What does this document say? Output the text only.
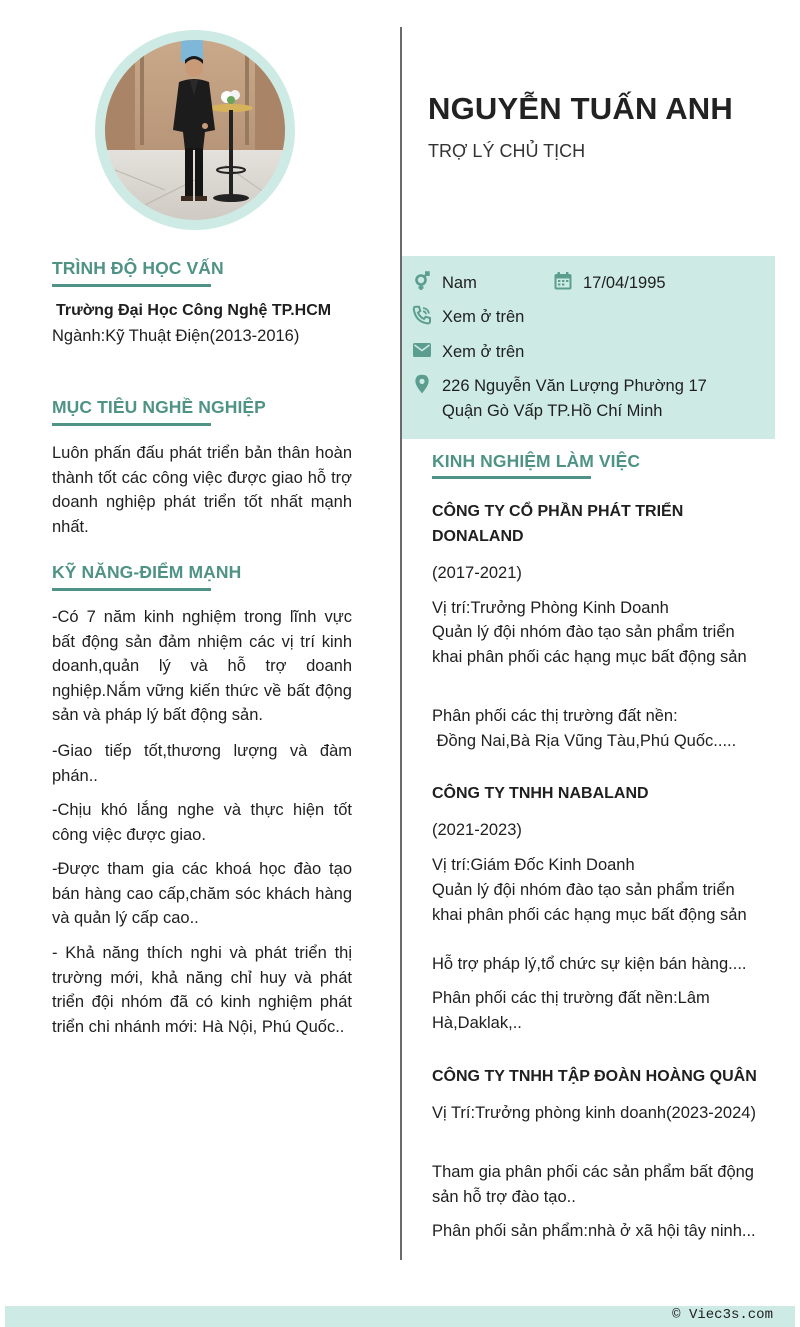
TRÌNH ĐỘ HỌC VẤN
Trường Đại Học Công Nghệ TP.HCM
Ngành:Kỹ Thuật Điện(2013-2016)
MỤC TIÊU NGHỀ NGHIỆP
Luôn phấn đấu phát triển bản thân hoàn thành tốt các công việc được giao hỗ trợ doanh nghiệp phát triển tốt nhất mạnh nhất.
KỸ NĂNG-ĐIỂM MẠNH
-Có 7 năm kinh nghiệm trong lĩnh vực bất động sản đảm nhiệm các vị trí kinh doanh,quản lý và hỗ trợ doanh nghiệp.Nắm vững kiến thức về bất động sản và pháp lý bất động sản.
-Giao tiếp tốt,thương lượng và đàm phán..
-Chịu khó lắng nghe và thực hiện tốt công việc được giao.
-Được tham gia các khoá học đào tạo bán hàng cao cấp,chăm sóc khách hàng và quản lý cấp cao..
- Khả năng thích nghi và phát triển thị trường mới, khả năng chỉ huy và phát triển đội nhóm đã có kinh nghiệm phát triển chi nhánh mới: Hà Nội, Phú Quốc..
NGUYỄN TUẤN ANH
TRỢ LÝ CHỦ TỊCH
Nam	17/04/1995
Xem ở trên
Xem ở trên
226 Nguyễn Văn Lượng Phường 17
Quận Gò Vấp TP.Hồ Chí Minh
KINH NGHIỆM LÀM VIỆC
CÔNG TY CỔ PHẦN PHÁT TRIỂN DONALAND
(2017-2021)
Vị trí:Trưởng Phòng Kinh Doanh
Quản lý đội nhóm đào tạo sản phẩm triển khai phân phối các hạng mục bất động sản
Phân phối các thị trường đất nền:
Đồng Nai,Bà Rịa Vũng Tàu,Phú Quốc.....
CÔNG TY TNHH NABALAND
(2021-2023)
Vị trí:Giám Đốc Kinh Doanh
Quản lý đội nhóm đào tạo sản phẩm triển khai phân phối các hạng mục bất động sản
Hỗ trợ pháp lý,tổ chức sự kiện bán hàng....
Phân phối các thị trường đất nền:Lâm Hà,Daklak,..
CÔNG TY TNHH TẬP ĐOÀN HOÀNG QUÂN
Vị Trí:Trưởng phòng kinh doanh(2023-2024)
Tham gia phân phối các sản phẩm bất động sản hỗ trợ đào tạo..
Phân phối sản phẩm:nhà ở xã hội tây ninh...
© Viec3s.com
